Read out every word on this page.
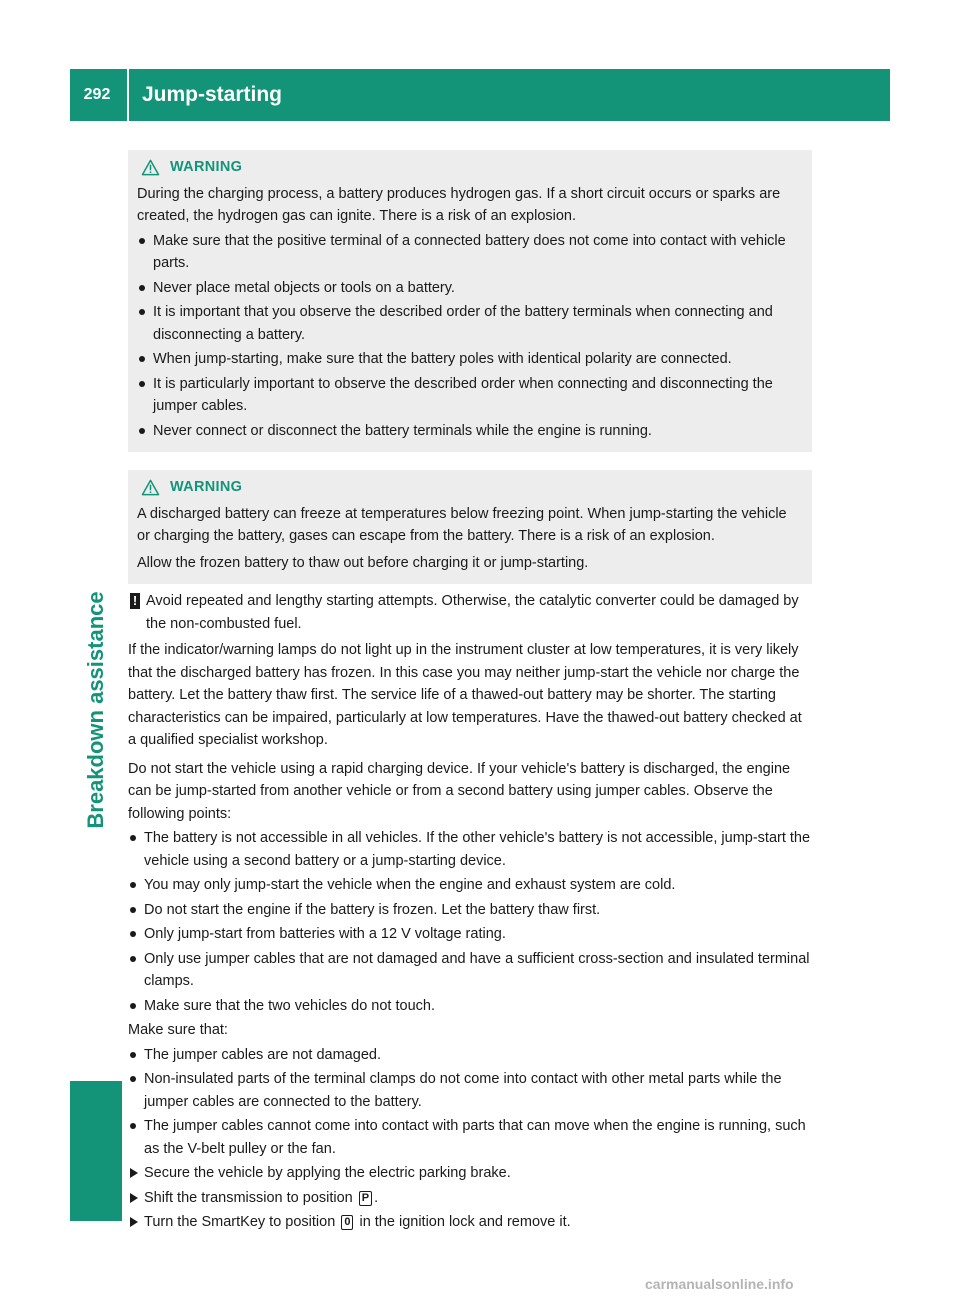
292	Jump-starting
Breakdown assistance
WARNING

During the charging process, a battery produces hydrogen gas. If a short circuit occurs or sparks are created, the hydrogen gas can ignite. There is a risk of an explosion.

Make sure that the positive terminal of a connected battery does not come into contact with vehicle parts.
Never place metal objects or tools on a battery.
It is important that you observe the described order of the battery terminals when connecting and disconnecting a battery.
When jump-starting, make sure that the battery poles with identical polarity are connected.
It is particularly important to observe the described order when connecting and disconnecting the jumper cables.
Never connect or disconnect the battery terminals while the engine is running.
WARNING

A discharged battery can freeze at temperatures below freezing point. When jump-starting the vehicle or charging the battery, gases can escape from the battery. There is a risk of an explosion.

Allow the frozen battery to thaw out before charging it or jump-starting.

! Avoid repeated and lengthy starting attempts. Otherwise, the catalytic converter could be damaged by the non-combusted fuel.

If the indicator/warning lamps do not light up in the instrument cluster at low temperatures, it is very likely that the discharged battery has frozen. In this case you may neither jump-start the vehicle nor charge the battery. Let the battery thaw first. The service life of a thawed-out battery may be shorter. The starting characteristics can be impaired, particularly at low temperatures. Have the thawed-out battery checked at a qualified specialist workshop.

Do not start the vehicle using a rapid charging device. If your vehicle's battery is discharged, the engine can be jump-started from another vehicle or from a second battery using jumper cables. Observe the following points:

The battery is not accessible in all vehicles. If the other vehicle's battery is not accessible, jump-start the vehicle using a second battery or a jump-starting device.
You may only jump-start the vehicle when the engine and exhaust system are cold.
Do not start the engine if the battery is frozen. Let the battery thaw first.
Only jump-start from batteries with a 12 V voltage rating.
Only use jumper cables that are not damaged and have a sufficient cross-section and insulated terminal clamps.
Make sure that the two vehicles do not touch.

Make sure that:

The jumper cables are not damaged.
Non-insulated parts of the terminal clamps do not come into contact with other metal parts while the jumper cables are connected to the battery.
The jumper cables cannot come into contact with parts that can move when the engine is running, such as the V-belt pulley or the fan.
Secure the vehicle by applying the electric parking brake.
Shift the transmission to position P .
Turn the SmartKey to position 0 in the ignition lock and remove it.
carmanualsonline.info
